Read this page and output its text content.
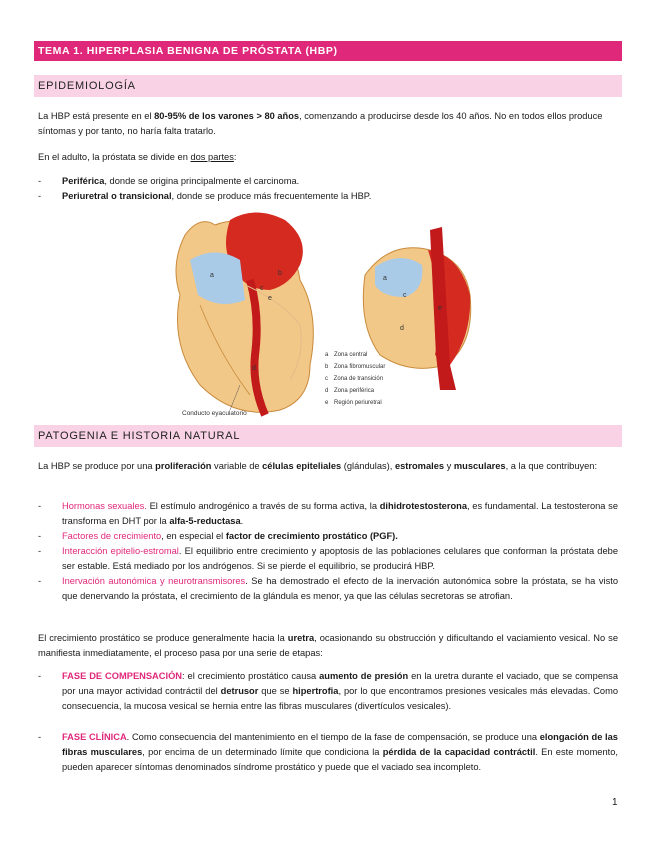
TEMA 1. HIPERPLASIA BENIGNA DE PRÓSTATA (HBP)
EPIDEMIOLOGÍA

La HBP está presente en el 80-95% de los varones > 80 años, comenzando a producirse desde los 40 años. No en todos ellos produce síntomas y por tanto, no haría falta tratarlo.

En el adulto, la próstata se divide en dos partes:

- Periférica, donde se origina principalmente el carcinoma.
- Periuretral o transicional, donde se produce más frecuentemente la HBP.
a	b
c
d
e
Conducto eyaculatorio
a
c
d
e
a Zona central
b Zona fibromuscular
c Zona de transición
d Zona periférica
e Región periuretral
PATOGENIA E HISTORIA NATURAL

La HBP se produce por una proliferación variable de células epiteliales (glándulas), estromales y musculares, a la que contribuyen:

- Hormonas sexuales. El estímulo androgénico a través de su forma activa, la dihidrotestosterona, es fundamental. La testosterona se transforma en DHT por la alfa-5-reductasa.
- Factores de crecimiento, en especial el factor de crecimiento prostático (PGF).
- Interacción epitelio-estromal. El equilibrio entre crecimiento y apoptosis de las poblaciones celulares que conforman la próstata debe ser estable. Está mediado por los andrógenos. Si se pierde el equilibrio, se producirá HBP.
- Inervación autonómica y neurotransmisores. Se ha demostrado el efecto de la inervación autonómica sobre la próstata, se ha visto que denervando la próstata, el crecimiento de la glándula es menor, ya que las células secretoras se atrofian.

El crecimiento prostático se produce generalmente hacia la uretra, ocasionando su obstrucción y dificultando el vaciamiento vesical. No se manifiesta inmediatamente, el proceso pasa por una serie de etapas:

- FASE DE COMPENSACIÓN: el crecimiento prostático causa aumento de presión en la uretra durante el vaciado, que se compensa por una mayor actividad contráctil del detrusor que se hipertrofia, por lo que encontramos presiones vesicales más elevadas. Como consecuencia, la mucosa vesical se hernia entre las fibras musculares (divertículos vesicales).
- FASE CLÍNICA. Como consecuencia del mantenimiento en el tiempo de la fase de compensación, se produce una elongación de las fibras musculares, por encima de un determinado límite que condiciona la pérdida de la capacidad contráctil. En este momento, pueden aparecer síntomas denominados síndrome prostático y puede que el vaciado sea incompleto.
1
